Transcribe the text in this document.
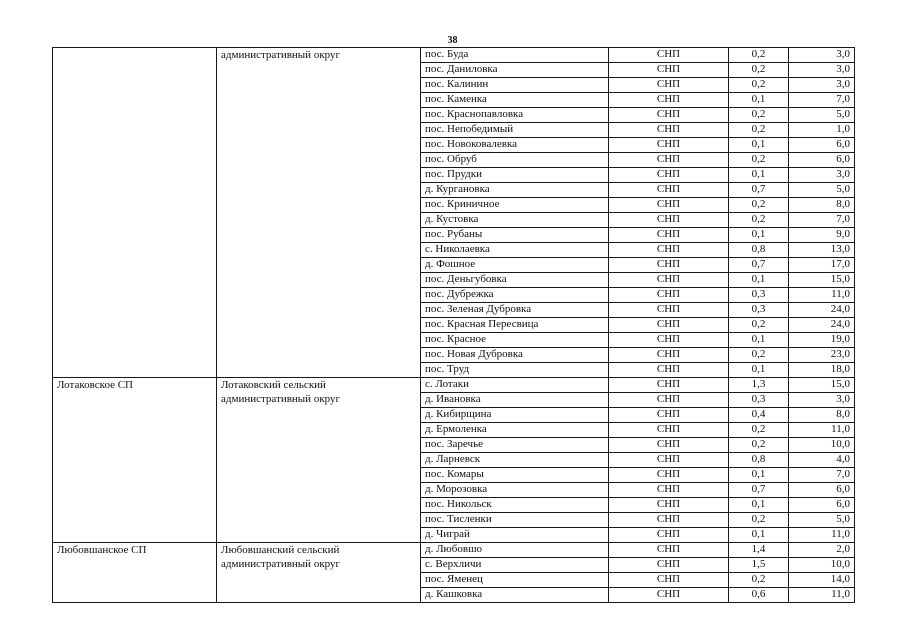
38
	административный округ	пос. Буда	СНП	0,2	3,0
		пос. Даниловка	СНП	0,2	3,0
		пос. Калинин	СНП	0,2	3,0
		пос. Каменка	СНП	0,1	7,0
		пос. Краснопавловка	СНП	0,2	5,0
		пос. Непобедимый	СНП	0,2	1,0
		пос. Новоковалевка	СНП	0,1	6,0
		пос. Обруб	СНП	0,2	6,0
		пос. Прудки	СНП	0,1	3,0
		д. Кургановка	СНП	0,7	5,0
		пос. Криничное	СНП	0,2	8,0
		д. Кустовка	СНП	0,2	7,0
		пос. Рубаны	СНП	0,1	9,0
		с. Николаевка	СНП	0,8	13,0
		д. Фошное	СНП	0,7	17,0
		пос. Деньгубовка	СНП	0,1	15,0
		пос. Дубрежка	СНП	0,3	11,0
		пос. Зеленая Дубровка	СНП	0,3	24,0
		пос. Красная Пересвица	СНП	0,2	24,0
		пос. Красное	СНП	0,1	19,0
		пос. Новая Дубровка	СНП	0,2	23,0
		пос. Труд	СНП	0,1	18,0
Лотаковское СП	Лотаковский сельский административный округ	с. Лотаки	СНП	1,3	15,0
		д. Ивановка	СНП	0,3	3,0
		д. Кибирщина	СНП	0,4	8,0
		д. Ермоленка	СНП	0,2	11,0
		пос. Заречье	СНП	0,2	10,0
		д. Ларневск	СНП	0,8	4,0
		пос. Комары	СНП	0,1	7,0
		д. Морозовка	СНП	0,7	6,0
		пос. Никольск	СНП	0,1	6,0
		пос. Тисленки	СНП	0,2	5,0
		д. Чиграй	СНП	0,1	11,0
Любовшанское СП	Любовшанский сельский административный округ	д. Любовшо	СНП	1,4	2,0
		с. Верхличи	СНП	1,5	10,0
		пос. Яменец	СНП	0,2	14,0
		д. Кашковка	СНП	0,6	11,0
